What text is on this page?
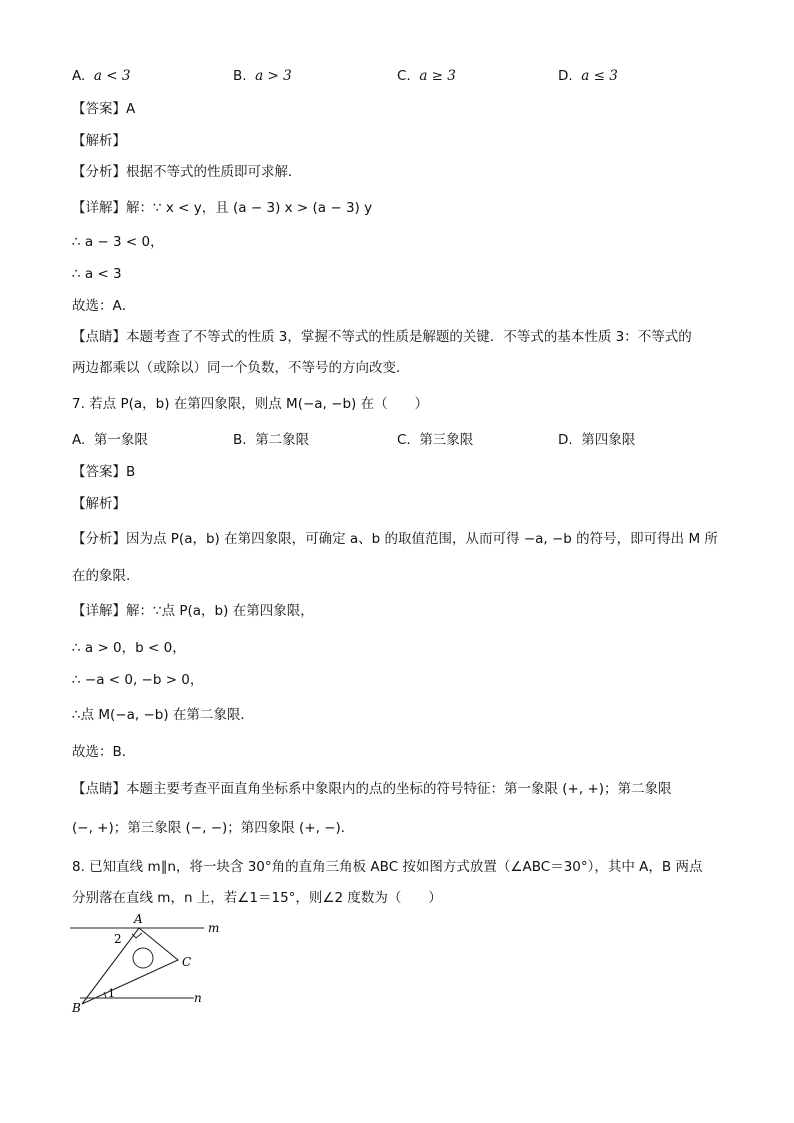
A. a < 3	B. a > 3	C. a ≥ 3	D. a ≤ 3
【答案】A
【解析】
【分析】根据不等式的性质即可求解．
【详解】解：∵ x < y，且 (a − 3) x > (a − 3) y
∴ a − 3 < 0，
∴ a < 3
故选：A．
【点睛】本题考查了不等式的性质 3，掌握不等式的性质是解题的关键．不等式的基本性质 3：不等式的
两边都乘以（或除以）同一个负数，不等号的方向改变．
7. 若点 P(a，b) 在第四象限，则点 M(−a, −b) 在（　　）
A. 第一象限	B. 第二象限	C. 第三象限	D. 第四象限
【答案】B
【解析】
【分析】因为点 P(a，b) 在第四象限，可确定 a、b 的取值范围，从而可得 −a, −b 的符号，即可得出 M 所
在的象限.
【详解】解：∵点 P(a，b) 在第四象限，
∴ a > 0，b < 0，
∴ −a < 0, −b > 0，
∴点 M(−a, −b) 在第二象限．
故选：B．
【点睛】本题主要考查平面直角坐标系中象限内的点的坐标的符号特征：第一象限 (+, +)；第二象限
(−, +)；第三象限 (−, −)；第四象限 (+, −)．
8. 已知直线 m∥n，将一块含 30°角的直角三角板 ABC 按如图方式放置（∠ABC＝30°），其中 A，B 两点
分别落在直线 m，n 上，若∠1＝15°，则∠2 度数为（　　）
A
2
C
m
n
1
B
